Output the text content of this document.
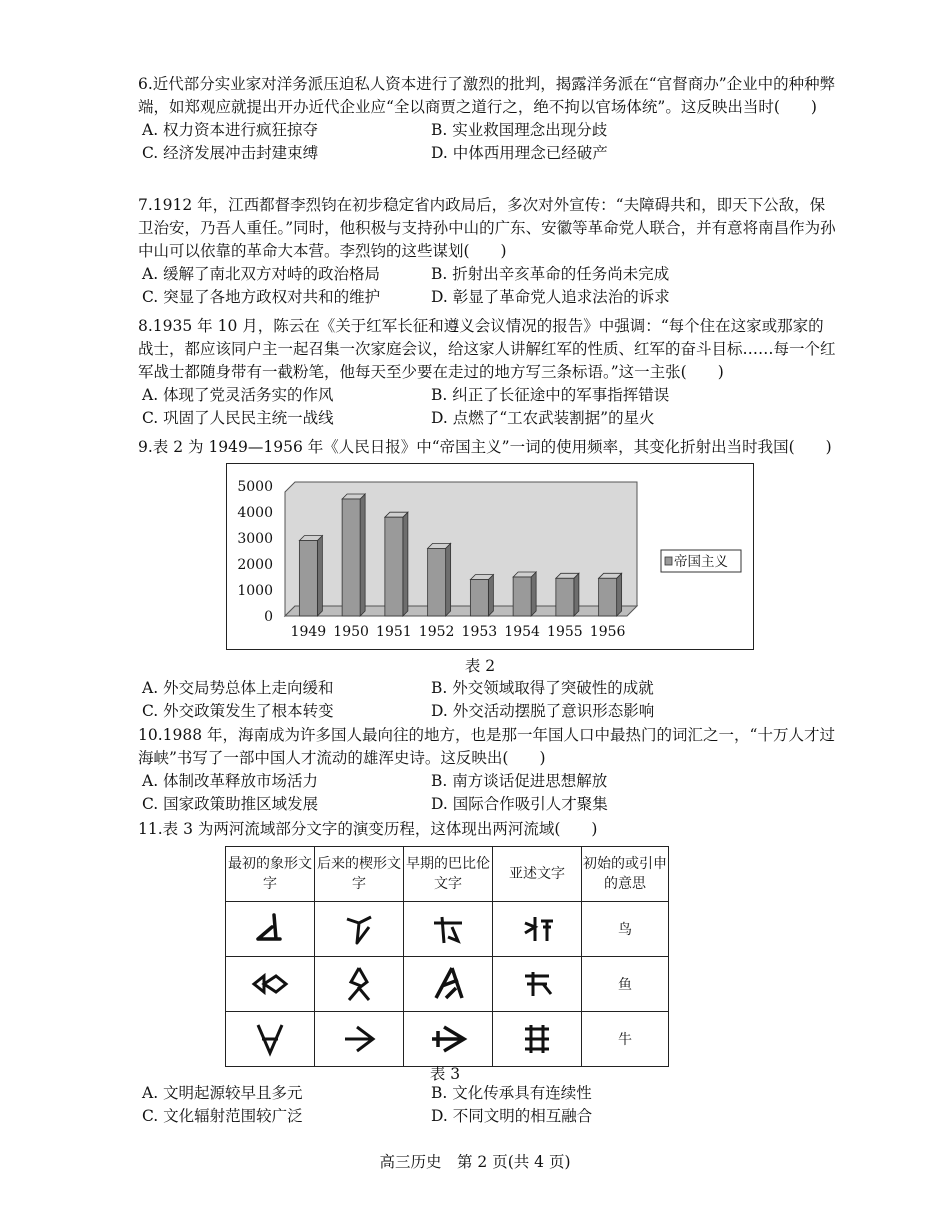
6.近代部分实业家对洋务派压迫私人资本进行了激烈的批判，揭露洋务派在“官督商办”企业中的种种弊端，如郑观应就提出开办近代企业应“全以商贾之道行之，绝不拘以官场体统”。这反映出当时(　　)
A. 权力资本进行疯狂掠夺	B. 实业救国理念出现分歧
C. 经济发展冲击封建束缚	D. 中体西用理念已经破产
7.1912 年，江西都督李烈钧在初步稳定省内政局后，多次对外宣传：“夫障碍共和，即天下公敌，保卫治安，乃吾人重任。”同时，他积极与支持孙中山的广东、安徽等革命党人联合，并有意将南昌作为孙中山可以依靠的革命大本营。李烈钧的这些谋划(　　)
A. 缓解了南北双方对峙的政治格局	B. 折射出辛亥革命的任务尚未完成
C. 突显了各地方政权对共和的维护	D. 彰显了革命党人追求法治的诉求
8.1935 年 10 月，陈云在《关于红军长征和遵义会议情况的报告》中强调：“每个住在这家或那家的战士，都应该同户主一起召集一次家庭会议，给这家人讲解红军的性质、红军的奋斗目标……每一个红军战士都随身带有一截粉笔，他每天至少要在走过的地方写三条标语。”这一主张(　　)
A. 体现了党灵活务实的作风	B. 纠正了长征途中的军事指挥错误
C. 巩固了人民民主统一战线	D. 点燃了“工农武装割据”的星火
9.表 2 为 1949—1956 年《人民日报》中“帝国主义”一词的使用频率，其变化折射出当时我国(　　)
0
1000
2000
3000
4000
5000
1949 1950 1951 1952 1953 1954 1955 1956
帝国主义
表 2
A. 外交局势总体上走向缓和	B. 外交领域取得了突破性的成就
C. 外交政策发生了根本转变	D. 外交活动摆脱了意识形态影响
10.1988 年，海南成为许多国人最向往的地方，也是那一年国人口中最热门的词汇之一，“十万人才过海峡”书写了一部中国人才流动的雄浑史诗。这反映出(　　)
A. 体制改革释放市场活力	B. 南方谈话促进思想解放
C. 国家政策助推区域发展	D. 国际合作吸引人才聚集
11.表 3 为两河流域部分文字的演变历程，这体现出两河流域(　　)
最初的象形文字	后来的楔形文字	早期的巴比伦文字	亚述文字	初始的或引申的意思

	鸟

	鱼

	牛
表 3
A. 文明起源较早且多元	B. 文化传承具有连续性
C. 文化辐射范围较广泛	D. 不同文明的相互融合
高三历史　第 2 页(共 4 页)
